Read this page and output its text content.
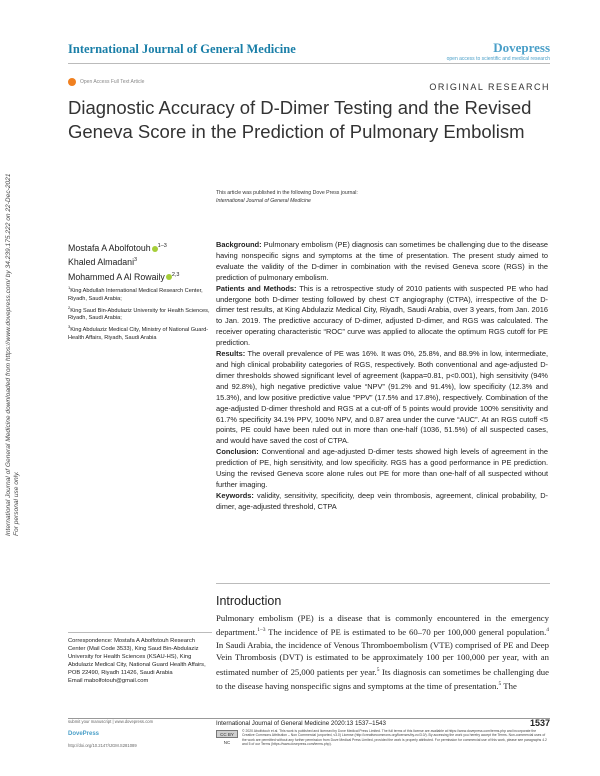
International Journal of General Medicine	Dovepress
open access to scientific and medical research
Open Access Full Text Article	ORIGINAL RESEARCH
Diagnostic Accuracy of D-Dimer Testing and the Revised Geneva Score in the Prediction of Pulmonary Embolism
This article was published in the following Dove Press journal:
International Journal of General Medicine
International Journal of General Medicine downloaded from https://www.dovepress.com/ by 34.239.175.222 on 22-Dec-2021 For personal use only.
Mostafa A Abolfotouh $^{1-3}$
Khaled Almadani$^3$
Mohammed A Al Rowaily $^{2,3}$

$^1$King Abdullah International Medical Research Center, Riyadh, Saudi Arabia;

$^2$King Saud Bin-Abdulaziz University for Health Sciences, Riyadh, Saudi Arabia;

$^3$King Abdulaziz Medical City, Ministry of National Guard-Health Affairs, Riyadh, Saudi Arabia

Background: Pulmonary embolism (PE) diagnosis can sometimes be challenging due to the disease having nonspecific signs and symptoms at the time of presentation. The present study aimed to evaluate the validity of the D-dimer in combination with the revised Geneva score (RGS) in the prediction of pulmonary embolism.

Patients and Methods: This is a retrospective study of 2010 patients with suspected PE who had undergone both D-dimer testing followed by chest CT angiography (CTPA), irrespective of the D-dimer test results, at King Abdulaziz Medical City, Riyadh, Saudi Arabia, over 3 years, from Jan. 2016 to Jan. 2019. The predictive accuracy of D-dimer, adjusted D-dimer, and RGS was calculated. The receiver operating characteristic “ROC” curve was applied to allocate the optimum RGS cutoff for PE prediction.

Results: The overall prevalence of PE was 16%. It was 0%, 25.8%, and 88.9% in low, intermediate, and high clinical probability categories of RGS, respectively. Both conventional and age-adjusted D-dimer thresholds showed significant level of agreement (kappa=0.81, p<0.001), high sensitivity (94% and 92.8%), high negative predictive value “NPV” (91.2% and 91.4%), low specificity (12.3% and 15.3%), and low positive predictive value “PPV” (17.5% and 17.8%), respectively. Combination of the age-adjusted D-dimer threshold and RGS at a cut-off of 5 points would provide 100% sensitivity and 61.7% specificity 34.1% PPV, 100% NPV, and 0.87 area under the curve “AUC”. At an RGS cutoff <5 points, PE could have been ruled out in more than one-half (1036, 51.5%) of all suspected cases, and would have saved the cost of CTPA.

Conclusion: Conventional and age-adjusted D-dimer tests showed high levels of agreement in the prediction of PE, high sensitivity, and low specificity. RGS has a good performance in PE prediction. Using the revised Geneva score alone rules out PE for more than one-half of all suspected without further imaging.

Keywords: validity, sensitivity, specificity, deep vein thrombosis, agreement, clinical probability, D-dimer, age-adjusted threshold, CTPA

Introduction
Pulmonary embolism (PE) is a disease that is commonly encountered in the emergency department.$^{1-3}$ The incidence of PE is estimated to be 60–70 per 100,000 general population.$^4$ In Saudi Arabia, the incidence of Venous Thromboembolism (VTE) comprised of PE and Deep Vein Thrombosis (DVT) is estimated to be approximately 100 per 100,000 per year, with an estimated number of 25,000 patients per year.$^5$ Its diagnosis can sometimes be challenging due to the disease having nonspecific signs and symptoms at the time of presentation.$^5$ The
Correspondence: Mostafa A Abolfotouh Research Center (Mail Code 3533), King Saud Bin-Abdulaziz University for Health Sciences (KSAU-HS), King Abdulaziz Medical City, National Guard Health Affairs, POB 22490, Riyadh 11426, Saudi Arabia
Email mabolfotouh@gmail.com
submit your manuscript | www.dovepress.com	International Journal of General Medicine 2020:13 1537–1543	1537
DovePress
http://doi.org/10.2147/IJGM.S281089
CC BY NC
© 2020 Abolfotouh et al. This work is published and licensed by Dove Medical Press Limited. The full terms of this license are available at https://www.dovepress.com/terms.php and incorporate the Creative Commons Attribution – Non Commercial (unported, v3.0) License (http://creativecommons.org/licenses/by-nc/3.0/). By accessing the work you hereby accept the Terms. Non-commercial uses of the work are permitted without any further permission from Dove Medical Press Limited, provided the work is properly attributed. For permission for commercial use of this work, please see paragraphs 4.2 and 5 of our Terms (https://www.dovepress.com/terms.php).
